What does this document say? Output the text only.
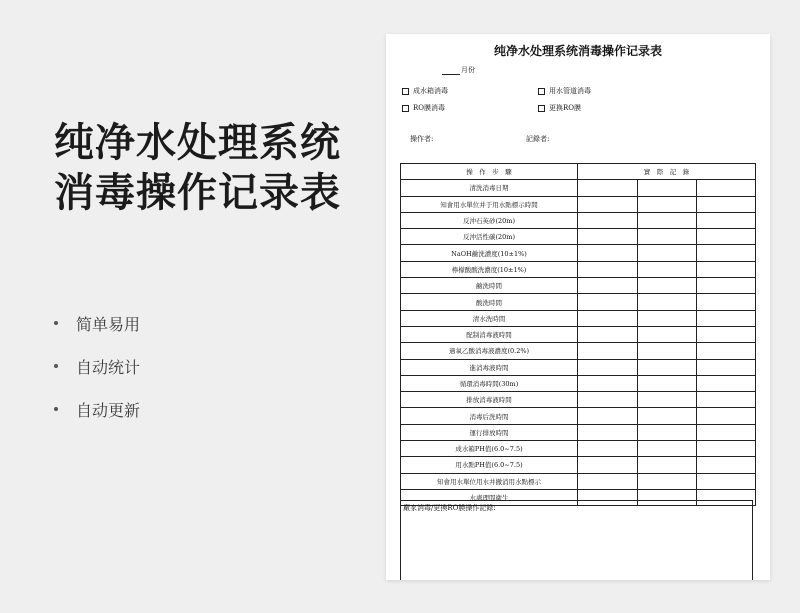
纯净水处理系统
消毒操作记录表
简单易用
自动统计
自动更新
纯净水处理系统消毒操作记录表
月份
成水箱消毒	用水管道消毒
RO膜消毒	更换RO膜
操作者:	記錄者:
操　作　步　驟	實　際　記　錄		
清洗消毒日期			
知會用水單位并于用水點標示時間			
反沖石英砂(20m)			
反沖活性碳(20m)			
NaOH鹼洗濃度(10±1%)			
檸檬酸酸洗濃度(10±1%)			
鹼洗時間			
酸洗時間			
清水洗時間			
配制消毒液時間			
過氧乙酸消毒液濃度(0.2%)			
進消毒液時間			
循環消毒時間(30m)			
排放消毒液時間			
消毒后洗時間			
運行排放時間			
成水箱PH值(6.0~7.5)			
用水點PH值(6.0~7.5)			
知會用水單位用水并撤消用水點標示			
水處理間衛生			
廠家消毒/更換RO膜操作記錄:
